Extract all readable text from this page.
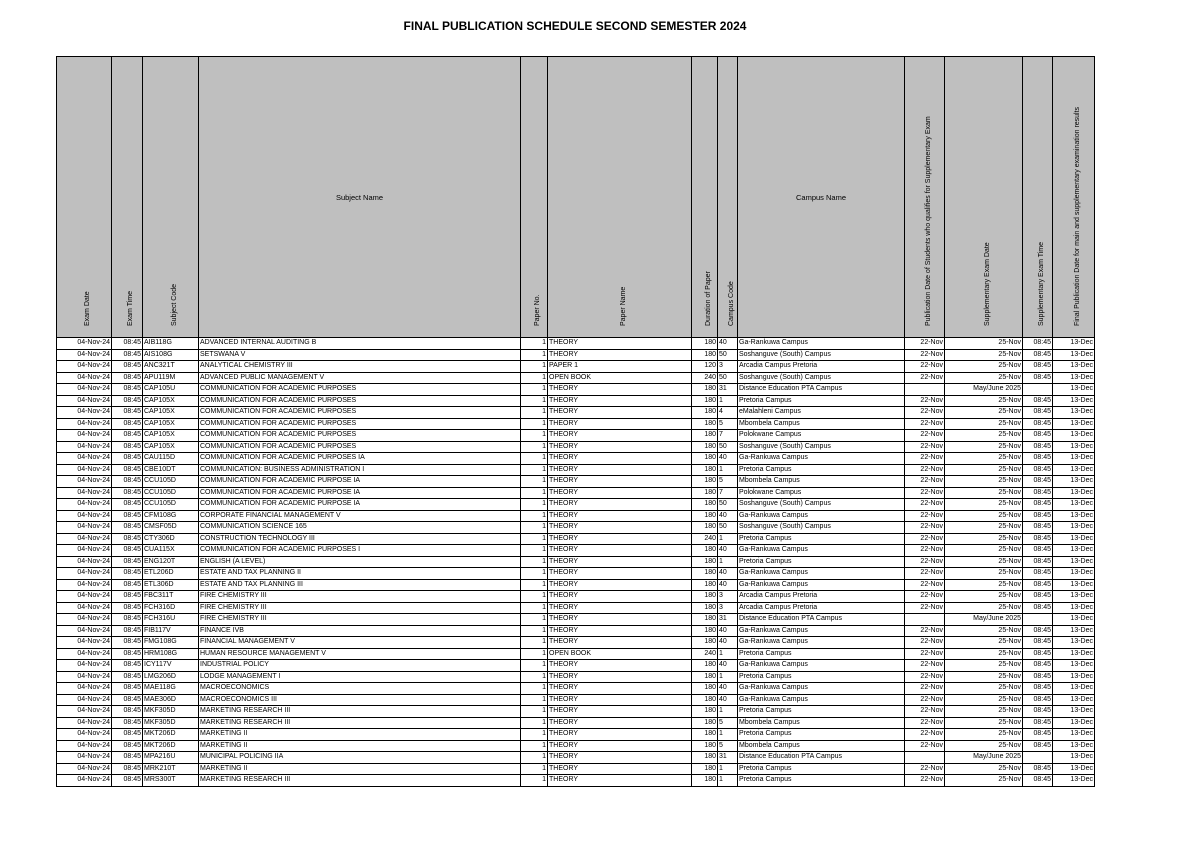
FINAL PUBLICATION SCHEDULE SECOND SEMESTER 2024
Exam Date	Exam Time	Subject Code	Subject Name	Paper No.	Paper Name	Duration of Paper	Campus Code	Campus Name	Publication Date of Students who qualifies for Supplementary Exam	Supplementary Exam Date	Supplementary Exam Time	Final Publication Date for main and supplementary examination results

04-Nov-24	08:45	AIB118G	ADVANCED INTERNAL AUDITING B	1	THEORY	180	40	Ga-Rankuwa Campus	22-Nov	25-Nov	08:45	13-Dec
04-Nov-24	08:45	AIS108G	SETSWANA V	1	THEORY	180	50	Soshanguve (South) Campus	22-Nov	25-Nov	08:45	13-Dec
04-Nov-24	08:45	ANC321T	ANALYTICAL CHEMISTRY III	1	PAPER 1	120	3	Arcadia Campus Pretoria	22-Nov	25-Nov	08:45	13-Dec
04-Nov-24	08:45	APU119M	ADVANCED PUBLIC MANAGEMENT V	1	OPEN BOOK	240	50	Soshanguve (South) Campus	22-Nov	25-Nov	08:45	13-Dec
04-Nov-24	08:45	CAP105U	COMMUNICATION FOR ACADEMIC PURPOSES	1	THEORY	180	31	Distance Education PTA Campus		May/June 2025		13-Dec
04-Nov-24	08:45	CAP105X	COMMUNICATION FOR ACADEMIC PURPOSES	1	THEORY	180	1	Pretoria Campus	22-Nov	25-Nov	08:45	13-Dec
04-Nov-24	08:45	CAP105X	COMMUNICATION FOR ACADEMIC PURPOSES	1	THEORY	180	4	eMalahleni Campus	22-Nov	25-Nov	08:45	13-Dec
04-Nov-24	08:45	CAP105X	COMMUNICATION FOR ACADEMIC PURPOSES	1	THEORY	180	5	Mbombela Campus	22-Nov	25-Nov	08:45	13-Dec
04-Nov-24	08:45	CAP105X	COMMUNICATION FOR ACADEMIC PURPOSES	1	THEORY	180	7	Polokwane Campus	22-Nov	25-Nov	08:45	13-Dec
04-Nov-24	08:45	CAP105X	COMMUNICATION FOR ACADEMIC PURPOSES	1	THEORY	180	50	Soshanguve (South) Campus	22-Nov	25-Nov	08:45	13-Dec
04-Nov-24	08:45	CAU115D	COMMUNICATION FOR ACADEMIC PURPOSES IA	1	THEORY	180	40	Ga-Rankuwa Campus	22-Nov	25-Nov	08:45	13-Dec
04-Nov-24	08:45	CBE10DT	COMMUNICATION: BUSINESS ADMINISTRATION I	1	THEORY	180	1	Pretoria Campus	22-Nov	25-Nov	08:45	13-Dec
04-Nov-24	08:45	CCU105D	COMMUNICATION FOR ACADEMIC PURPOSE IA	1	THEORY	180	5	Mbombela Campus	22-Nov	25-Nov	08:45	13-Dec
04-Nov-24	08:45	CCU105D	COMMUNICATION FOR ACADEMIC PURPOSE IA	1	THEORY	180	7	Polokwane Campus	22-Nov	25-Nov	08:45	13-Dec
04-Nov-24	08:45	CCU105D	COMMUNICATION FOR ACADEMIC PURPOSE IA	1	THEORY	180	50	Soshanguve (South) Campus	22-Nov	25-Nov	08:45	13-Dec
04-Nov-24	08:45	CFM108G	CORPORATE FINANCIAL MANAGEMENT V	1	THEORY	180	40	Ga-Rankuwa Campus	22-Nov	25-Nov	08:45	13-Dec
04-Nov-24	08:45	CMSF05D	COMMUNICATION SCIENCE 165	1	THEORY	180	50	Soshanguve (South) Campus	22-Nov	25-Nov	08:45	13-Dec
04-Nov-24	08:45	CTY306D	CONSTRUCTION TECHNOLOGY III	1	THEORY	240	1	Pretoria Campus	22-Nov	25-Nov	08:45	13-Dec
04-Nov-24	08:45	CUA115X	COMMUNICATION FOR ACADEMIC PURPOSES I	1	THEORY	180	40	Ga-Rankuwa Campus	22-Nov	25-Nov	08:45	13-Dec
04-Nov-24	08:45	ENG120T	ENGLISH (A LEVEL)	1	THEORY	180	1	Pretoria Campus	22-Nov	25-Nov	08:45	13-Dec
04-Nov-24	08:45	ETL206D	ESTATE AND TAX PLANNING II	1	THEORY	180	40	Ga-Rankuwa Campus	22-Nov	25-Nov	08:45	13-Dec
04-Nov-24	08:45	ETL306D	ESTATE AND TAX PLANNING III	1	THEORY	180	40	Ga-Rankuwa Campus	22-Nov	25-Nov	08:45	13-Dec
04-Nov-24	08:45	FBC311T	FIRE CHEMISTRY III	1	THEORY	180	3	Arcadia Campus Pretoria	22-Nov	25-Nov	08:45	13-Dec
04-Nov-24	08:45	FCH316D	FIRE CHEMISTRY III	1	THEORY	180	3	Arcadia Campus Pretoria	22-Nov	25-Nov	08:45	13-Dec
04-Nov-24	08:45	FCH316U	FIRE CHEMISTRY III	1	THEORY	180	31	Distance Education PTA Campus		May/June 2025		13-Dec
04-Nov-24	08:45	FIB117V	FINANCE IVB	1	THEORY	180	40	Ga-Rankuwa Campus	22-Nov	25-Nov	08:45	13-Dec
04-Nov-24	08:45	FMG108G	FINANCIAL MANAGEMENT V	1	THEORY	180	40	Ga-Rankuwa Campus	22-Nov	25-Nov	08:45	13-Dec
04-Nov-24	08:45	HRM108G	HUMAN RESOURCE MANAGEMENT V	1	OPEN BOOK	240	1	Pretoria Campus	22-Nov	25-Nov	08:45	13-Dec
04-Nov-24	08:45	ICY117V	INDUSTRIAL POLICY	1	THEORY	180	40	Ga-Rankuwa Campus	22-Nov	25-Nov	08:45	13-Dec
04-Nov-24	08:45	LMG206D	LODGE MANAGEMENT I	1	THEORY	180	1	Pretoria Campus	22-Nov	25-Nov	08:45	13-Dec
04-Nov-24	08:45	MAE118G	MACROECONOMICS	1	THEORY	180	40	Ga-Rankuwa Campus	22-Nov	25-Nov	08:45	13-Dec
04-Nov-24	08:45	MAE306D	MACROECONOMICS III	1	THEORY	180	40	Ga-Rankuwa Campus	22-Nov	25-Nov	08:45	13-Dec
04-Nov-24	08:45	MKF305D	MARKETING RESEARCH III	1	THEORY	180	1	Pretoria Campus	22-Nov	25-Nov	08:45	13-Dec
04-Nov-24	08:45	MKF305D	MARKETING RESEARCH III	1	THEORY	180	5	Mbombela Campus	22-Nov	25-Nov	08:45	13-Dec
04-Nov-24	08:45	MKT206D	MARKETING II	1	THEORY	180	1	Pretoria Campus	22-Nov	25-Nov	08:45	13-Dec
04-Nov-24	08:45	MKT206D	MARKETING II	1	THEORY	180	5	Mbombela Campus	22-Nov	25-Nov	08:45	13-Dec
04-Nov-24	08:45	MPA216U	MUNICIPAL POLICING IIA	1	THEORY	180	31	Distance Education PTA Campus		May/June 2025		13-Dec
04-Nov-24	08:45	MRK210T	MARKETING II	1	THEORY	180	1	Pretoria Campus	22-Nov	25-Nov	08:45	13-Dec
04-Nov-24	08:45	MRS300T	MARKETING RESEARCH III	1	THEORY	180	1	Pretoria Campus	22-Nov	25-Nov	08:45	13-Dec
